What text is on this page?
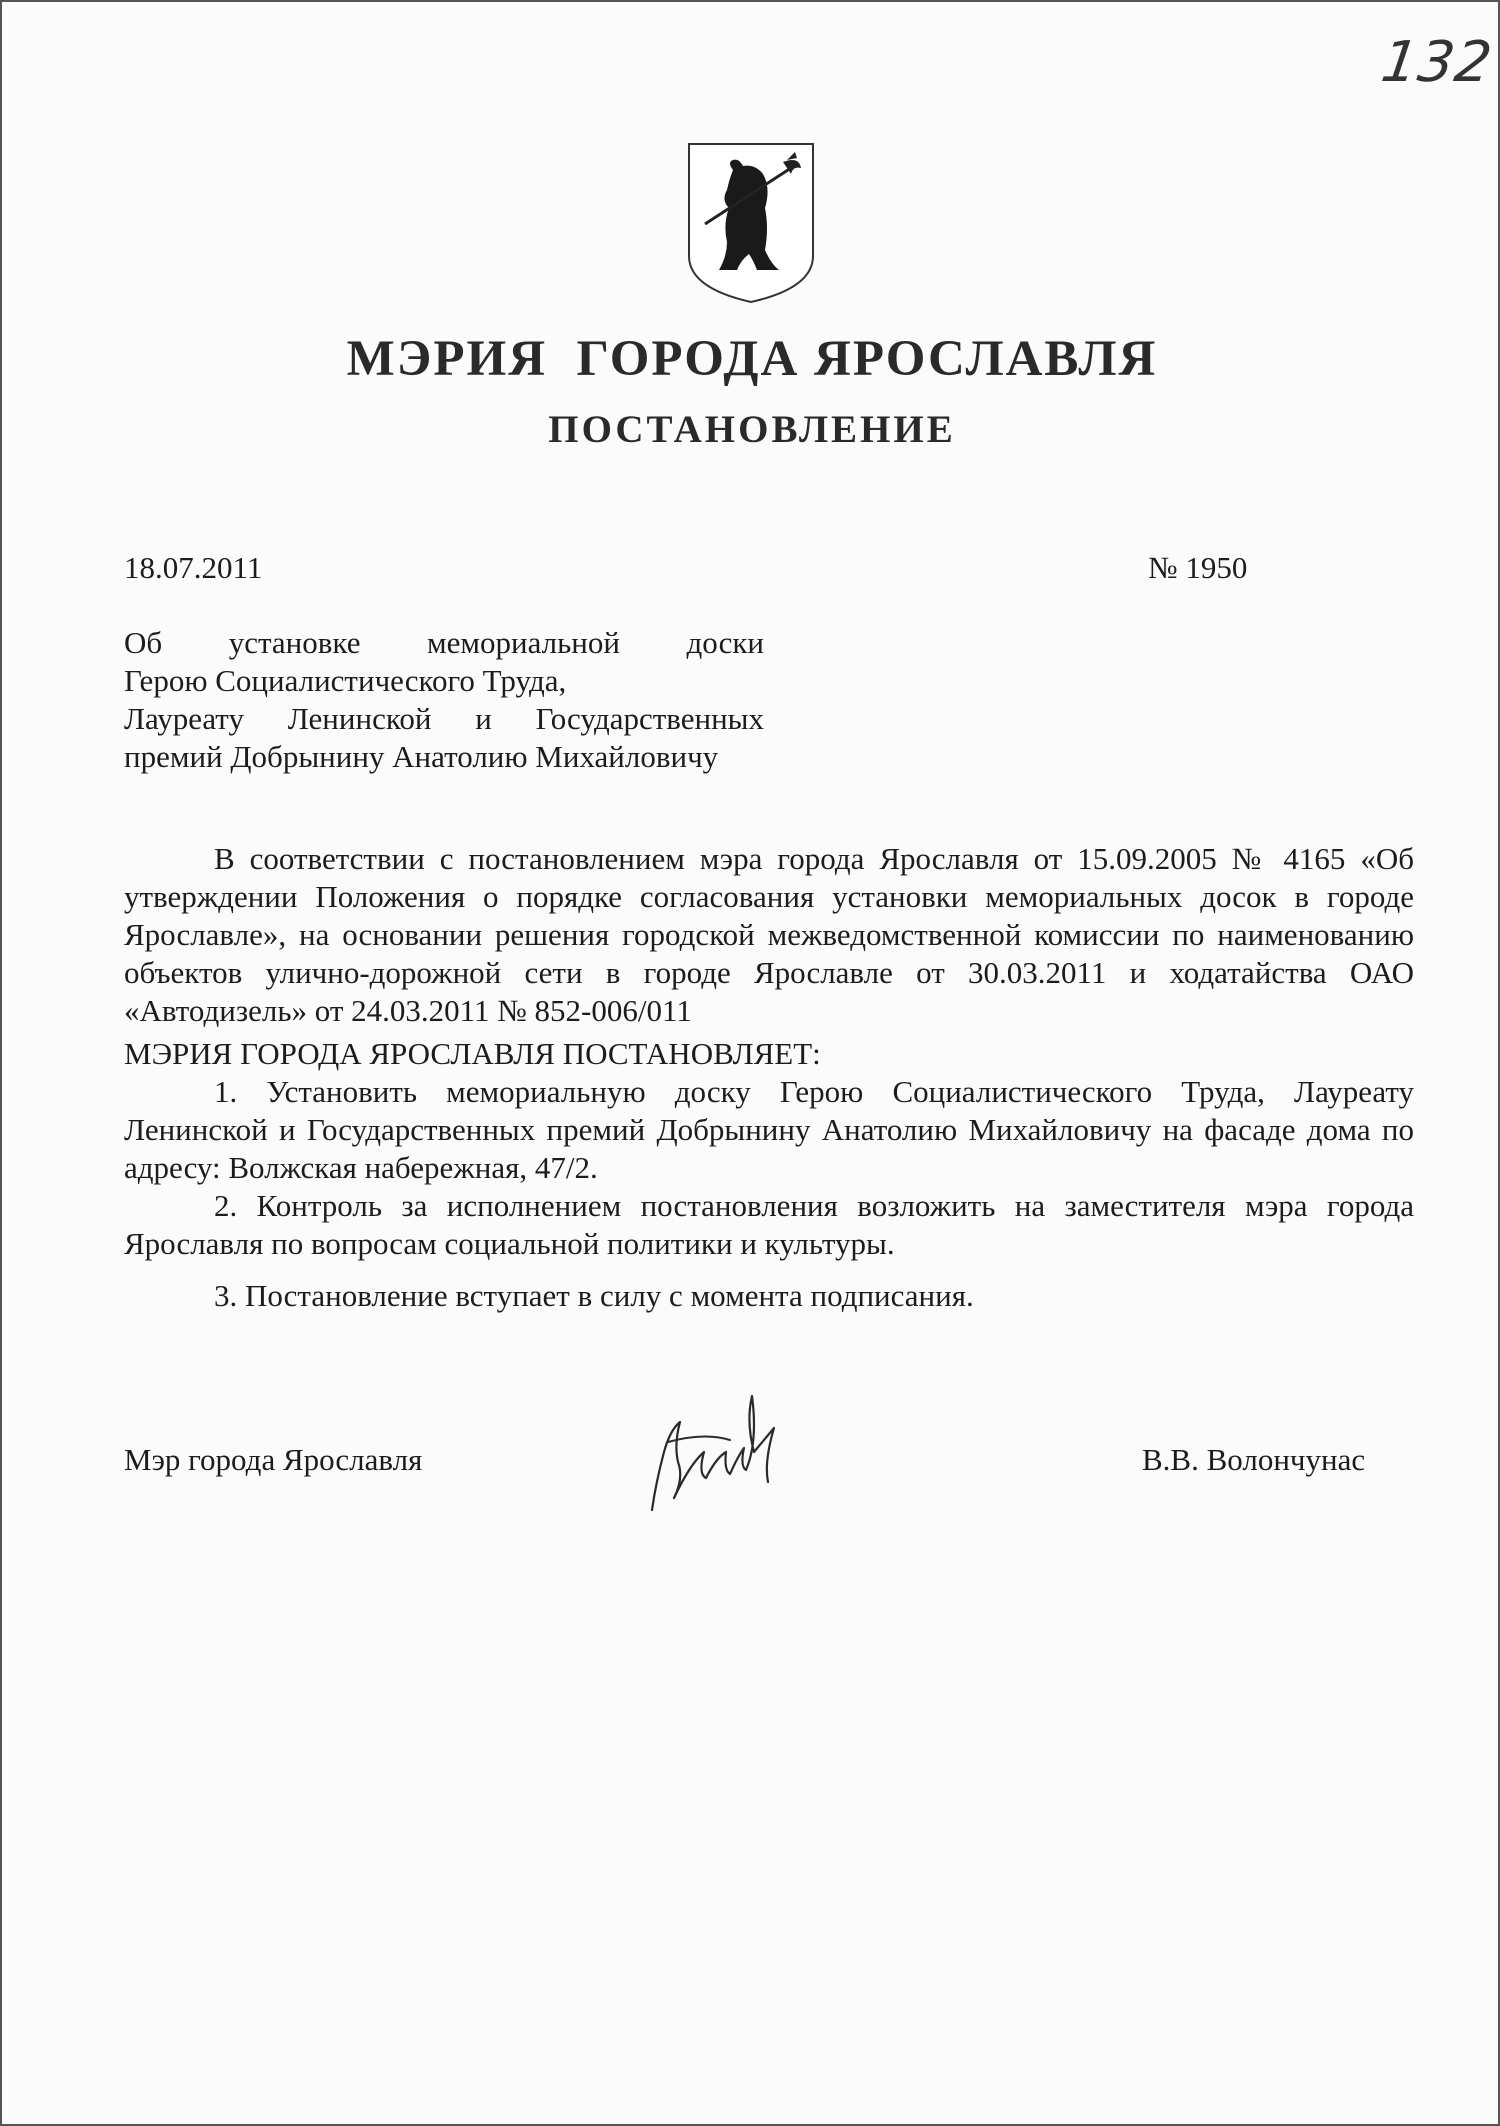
132
МЭРИЯ  ГОРОДА ЯРОСЛАВЛЯ
ПОСТАНОВЛЕНИЕ
18.07.2011	№ 1950
Об установке мемориальной доски
Герою Социалистического Труда,
Лауреату  Ленинской  и  Государственных
премий Добрынину Анатолию Михайловичу

В соответствии с постановлением мэра города Ярославля от 15.09.2005 № 4165 «Об утверждении Положения о порядке согласования установки мемориальных досок в городе Ярославле», на основании решения городской межведомственной комиссии по наименованию объектов улично-дорожной сети в городе Ярославле от 30.03.2011 и ходатайства ОАО «Автодизель» от 24.03.2011 № 852-006/011

МЭРИЯ ГОРОДА ЯРОСЛАВЛЯ ПОСТАНОВЛЯЕТ:

1. Установить мемориальную доску Герою Социалистического Труда, Лауреату Ленинской и Государственных премий Добрынину Анатолию Михайловичу на фасаде дома по адресу: Волжская набережная, 47/2.

2. Контроль за исполнением постановления возложить на заместителя мэра города Ярославля по вопросам социальной политики и культуры.

3. Постановление вступает в силу с момента подписания.

Мэр города Ярославля	В.В. Волончунас
